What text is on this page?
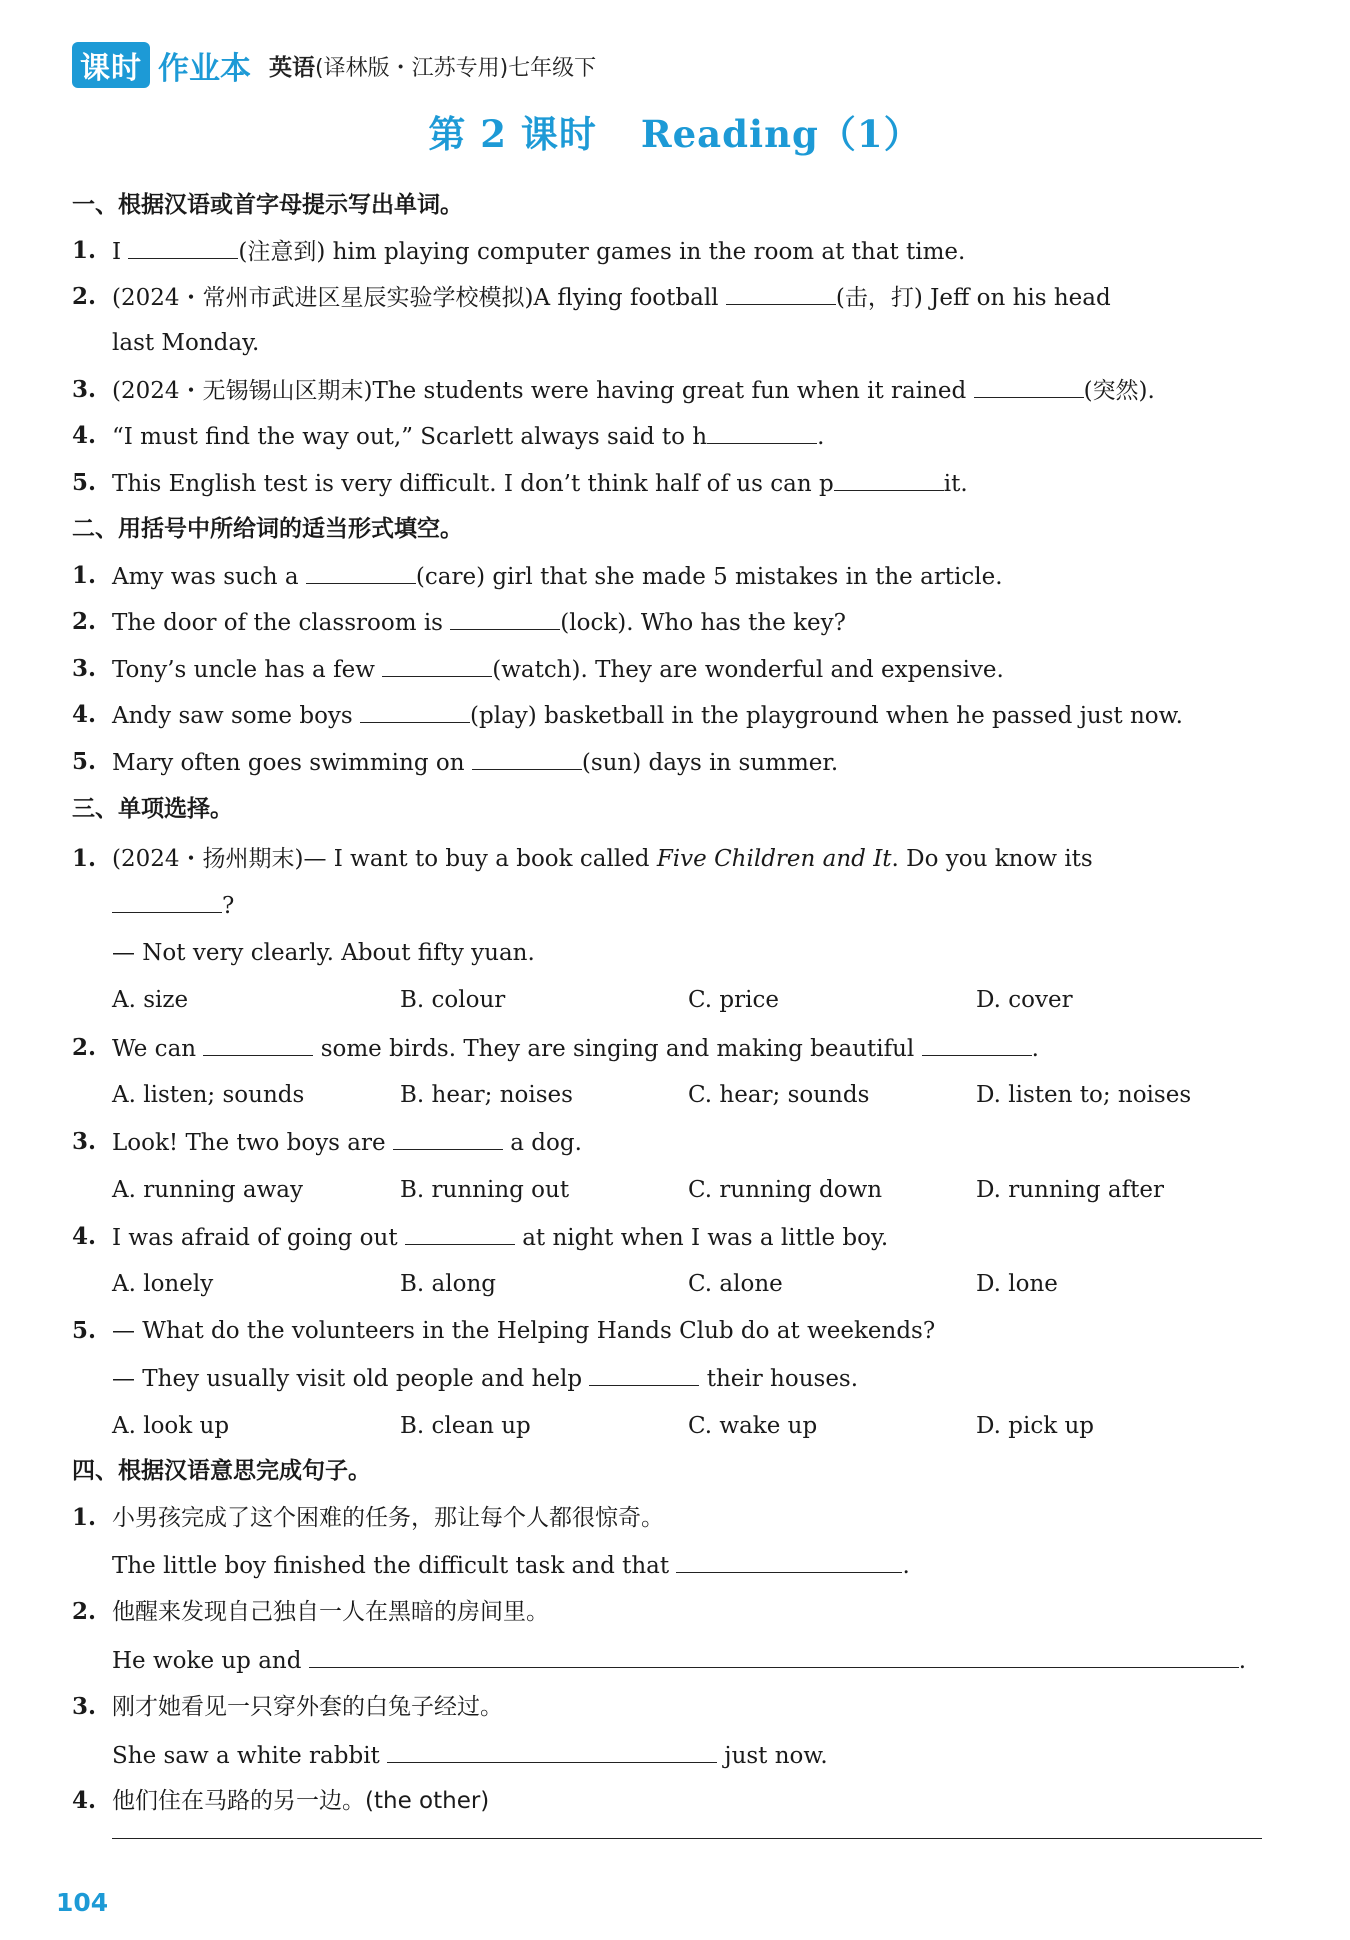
课时 作业本 英语(译林版・江苏专用)七年级下
第 2 课时 Reading（1）
一、根据汉语或首字母提示写出单词。
1. I	(注意到) him playing computer games in the room at that time.
2. (2024・常州市武进区星辰实验学校模拟)A flying football	(击，打) Jeff on his head
last Monday.
3. (2024・无锡锡山区期末)The students were having great fun when it rained	(突然).
4. “I must find the way out,” Scarlett always said to h	.
5. This English test is very difficult. I don’t think half of us can p	it.
二、用括号中所给词的适当形式填空。
1. Amy was such a	(care) girl that she made 5 mistakes in the article.
2. The door of the classroom is	(lock). Who has the key?
3. Tony’s uncle has a few	(watch). They are wonderful and expensive.
4. Andy saw some boys	(play) basketball in the playground when he passed just now.
5. Mary often goes swimming on	(sun) days in summer.
三、单项选择。
1. (2024・扬州期末)— I want to buy a book called Five Children and It. Do you know its
?
— Not very clearly. About fifty yuan.
A. size	B. colour	C. price	D. cover
2. We can	some birds. They are singing and making beautiful	.
A. listen; sounds	B. hear; noises	C. hear; sounds	D. listen to; noises
3. Look! The two boys are	a dog.
A. running away	B. running out	C. running down	D. running after
4. I was afraid of going out	at night when I was a little boy.
A. lonely	B. along	C. alone	D. lone
5. — What do the volunteers in the Helping Hands Club do at weekends?
— They usually visit old people and help	their houses.
A. look up	B. clean up	C. wake up	D. pick up
四、根据汉语意思完成句子。
1. 小男孩完成了这个困难的任务，那让每个人都很惊奇。
The little boy finished the difficult task and that	.
2. 他醒来发现自己独自一人在黑暗的房间里。
He woke up and	.
3. 刚才她看见一只穿外套的白兔子经过。
She saw a white rabbit	just now.
4. 他们住在马路的另一边。(the other)
104
